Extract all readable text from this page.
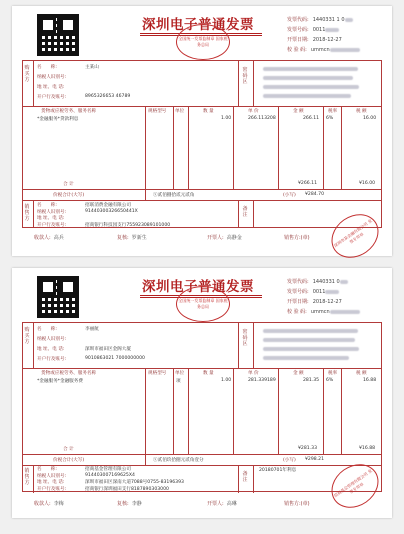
深圳电子普通发票
全国统一发票监制章 国家税务总局
发票代码: 1440331 1 0
发票号码: 0011
开票日期: 2018-12-27
校 验 码: ummcn
购买方
名　　称:	主某山
纳税人识别号:
地 址、电 话:
开户行及账号:	8965326653 46789
密码区
货物或应税劳务、服务名称	规格型号 单位	数 量	单 价	金 额	税率	税 额
*金融服务*贷款利息	1.00	266.113208	266.11 6%	16.00
合 计	¥266.11	¥16.00
价税合计(大写)	ⓧ贰佰捌拾贰元贰角	(小写) ¥284.70
销售方
名　　称:	招联消费金融有限公司
纳税人识别号:	91440300326650441X
地 址、电 话:
开户行及账号:	招商银行科技园支行755923089101000
备注
收款人: 高兵	复核: 罗新生	开票人: 高静金	销售方:(章)	深圳市某金融有限公司 发票专用章
深圳电子普通发票
全国统一发票监制章 国家税务总局
发票代码: 1440331 0
发票号码: 0011
开票日期: 2018-12-27
校 验 码: ummcn
购买方
名　　称:	李丽航
纳税人识别号:
地 址、电 话:	深圳市福田区金阁大厦
开户行及账号:	9010863021 7000000000
密码区
货物或应税劳务、服务名称	规格型号 单位	数 量	单 价	金 额	税率	税 额
*金融服务*金融服务费	项	1.00	281.339189	281.35 6%	16.88
合 计	¥281.33	¥16.88
价税合计(大写)	ⓧ贰佰玖拾捌元贰角壹分	(小写) ¥298.21
销售方
名　　称:	招商基金管理有限公司
纳税人识别号:	914403007169625X4
地 址、电 话:	深圳市福田区深南大道7088号0755-83196393
开户行及账号:	招商银行深圳福田支行8187890303000
备注
20180701年利息
收款人: 李梅	复核: 李静	开票人: 高琳	销售方:(章)
招商基金管理有限公司 发票专用章
